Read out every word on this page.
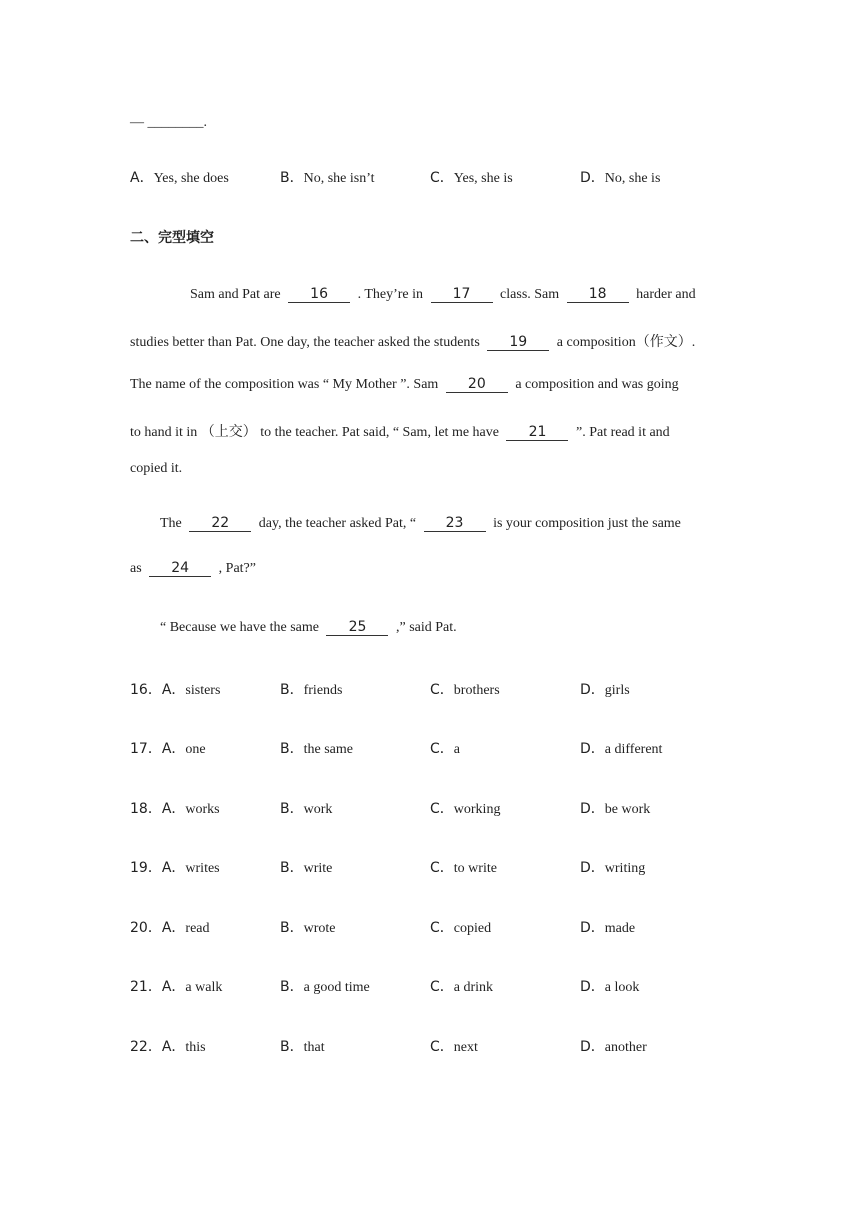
— ________.
A．Yes, she does	B．No, she isn’t	C．Yes, she is	D．No, she is
二、完型填空
Sam and Pat are 16 . They’re in 17 class. Sam 18 harder and
studies better than Pat. One day, the teacher asked the students 19 a composition（作文）.
The name of the composition was “ My Mother ”. Sam 20 a composition and was going
to hand it in （上交） to the teacher. Pat said, “ Sam, let me have 21 ”. Pat read it and
copied it.
The 22 day, the teacher asked Pat, “ 23 is your composition just the same
as 24 , Pat?”
“ Because we have the same 25 ,” said Pat.
16．A．sisters	B．friends	C．brothers	D．girls
17．A．one	B．the same	C．a	D．a different
18．A．works	B．work	C．working	D．be work
19．A．writes	B．write	C．to write	D．writing
20．A．read	B．wrote	C．copied	D．made
21．A．a walk	B．a good time	C．a drink	D．a look
22．A．this	B．that	C．next	D．another
